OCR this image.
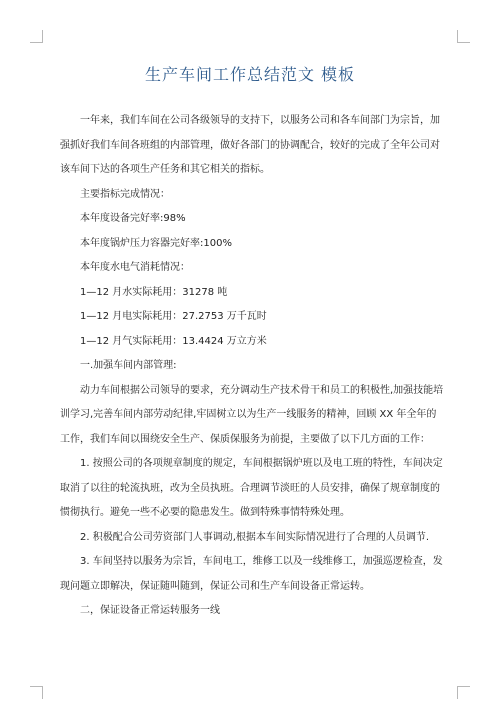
生产车间工作总结范文 模板

一年来，我们车间在公司各级领导的支持下，以服务公司和各车间部门为宗旨，加强抓好我们车间各班组的内部管理，做好各部门的协调配合，较好的完成了全年公司对该车间下达的各项生产任务和其它相关的指标。

主要指标完成情况：

本年度设备完好率:98%

本年度锅炉压力容器完好率:100%

本年度水电气消耗情况：

1—12 月水实际耗用：31278 吨

1—12 月电实际耗用：27.2753 万千瓦时

1—12 月气实际耗用：13.4424 万立方米

一.加强车间内部管理:

动力车间根据公司领导的要求，充分调动生产技术骨干和员工的积极性,加强技能培训学习,完善车间内部劳动纪律,牢固树立以为生产一线服务的精神，回顾 XX 年全年的工作，我们车间以围绕安全生产、保质保服务为前提，主要做了以下几方面的工作：

1. 按照公司的各项规章制度的规定，车间根据锅炉班以及电工班的特性，车间决定取消了以往的轮流执班，改为全员执班。合理调节淡旺的人员安排，确保了规章制度的惯彻执行。避免一些不必要的隐患发生。做到特殊事情特殊处理。

2. 积极配合公司劳资部门人事调动,根据本车间实际情况进行了合理的人员调节.

3. 车间坚持以服务为宗旨，车间电工，维修工以及一线维修工，加强巡逻检查，发现问题立即解决，保证随叫随到，保证公司和生产车间设备正常运转。

二，保证设备正常运转服务一线
